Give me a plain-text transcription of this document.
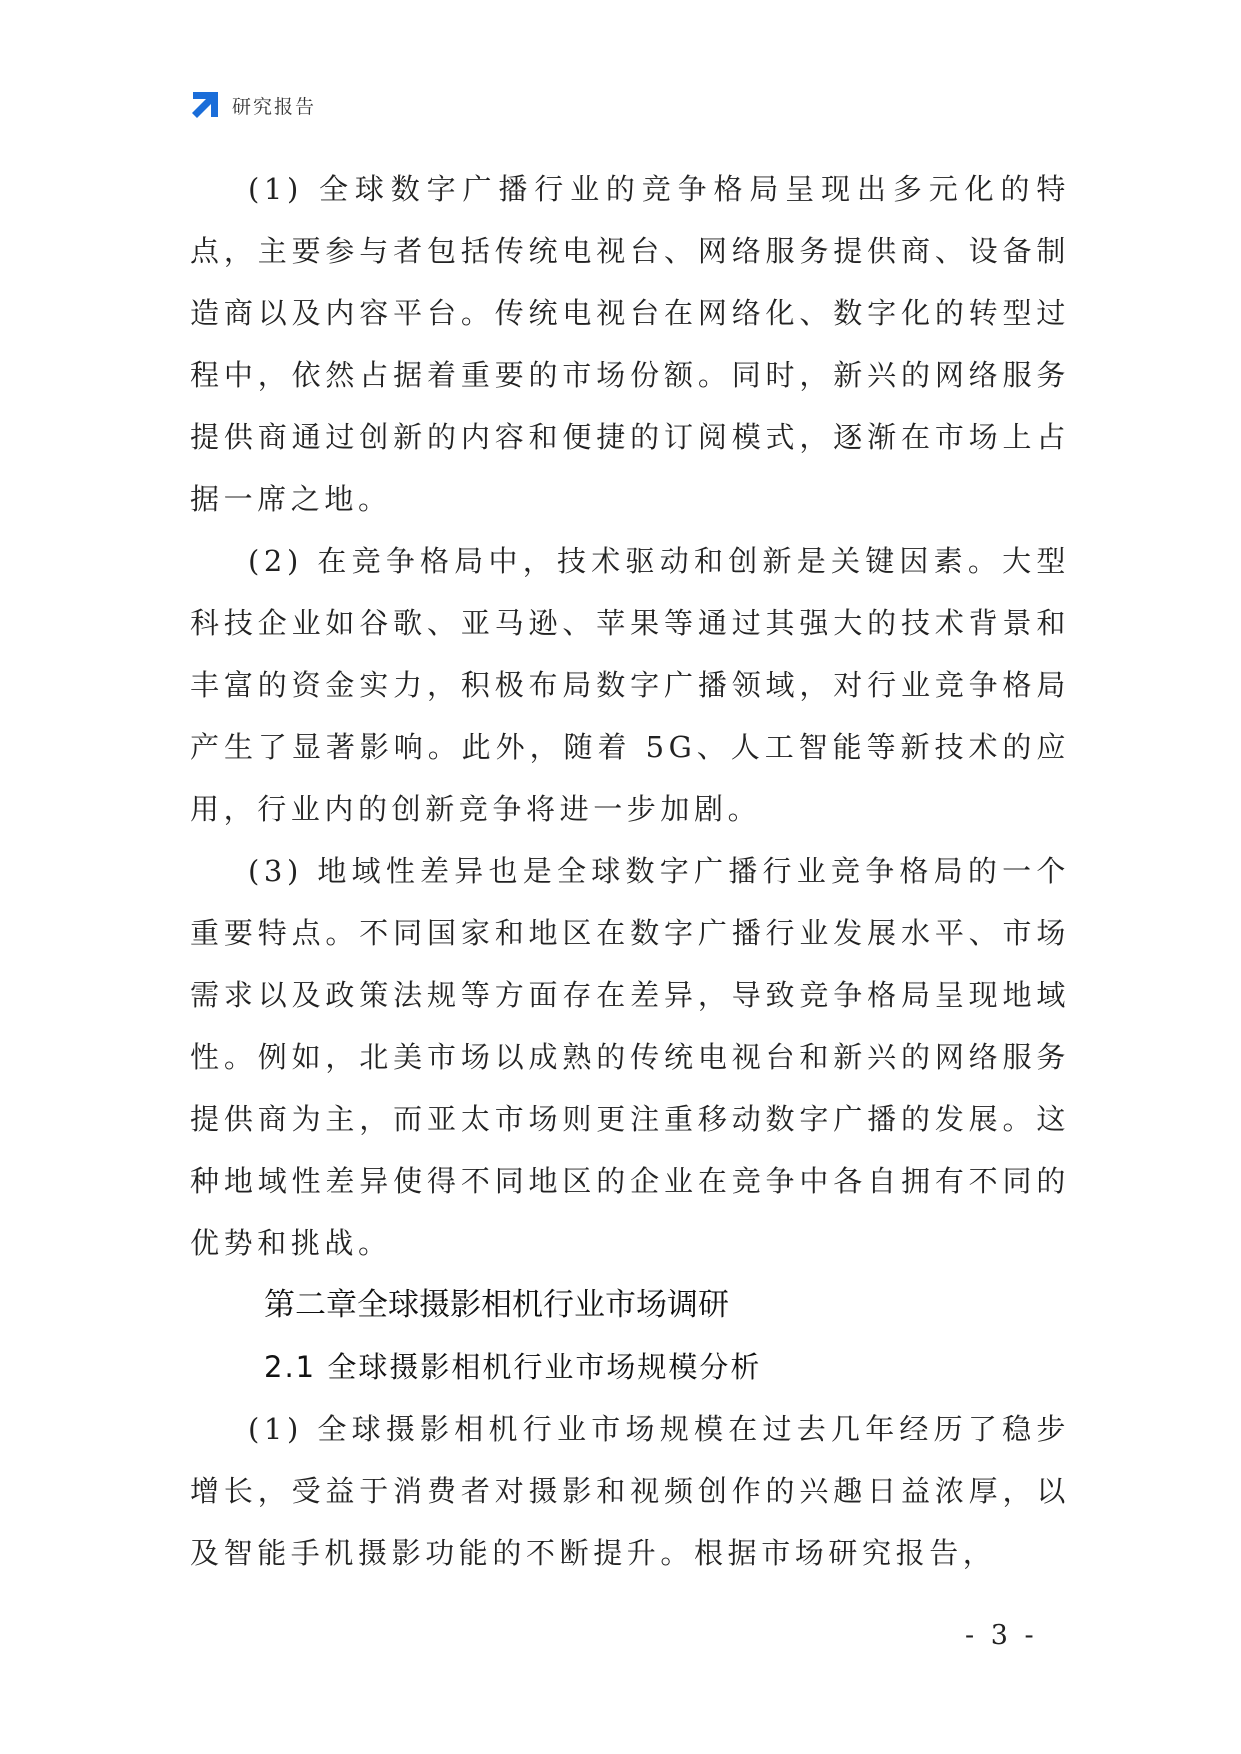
研究报告

(1) 全球数字广播行业的竞争格局呈现出多元化的特点，主要参与者包括传统电视台、网络服务提供商、设备制造商以及内容平台。传统电视台在网络化、数字化的转型过程中，依然占据着重要的市场份额。同时，新兴的网络服务提供商通过创新的内容和便捷的订阅模式，逐渐在市场上占据一席之地。

(2) 在竞争格局中，技术驱动和创新是关键因素。大型科技企业如谷歌、亚马逊、苹果等通过其强大的技术背景和丰富的资金实力，积极布局数字广播领域，对行业竞争格局产生了显著影响。此外，随着 5G、人工智能等新技术的应用，行业内的创新竞争将进一步加剧。

(3) 地域性差异也是全球数字广播行业竞争格局的一个重要特点。不同国家和地区在数字广播行业发展水平、市场需求以及政策法规等方面存在差异，导致竞争格局呈现地域性。例如，北美市场以成熟的传统电视台和新兴的网络服务提供商为主，而亚太市场则更注重移动数字广播的发展。这种地域性差异使得不同地区的企业在竞争中各自拥有不同的优势和挑战。

第二章全球摄影相机行业市场调研
2.1 全球摄影相机行业市场规模分析

(1) 全球摄影相机行业市场规模在过去几年经历了稳步增长，受益于消费者对摄影和视频创作的兴趣日益浓厚，以及智能手机摄影功能的不断提升。根据市场研究报告，

- 3 -
